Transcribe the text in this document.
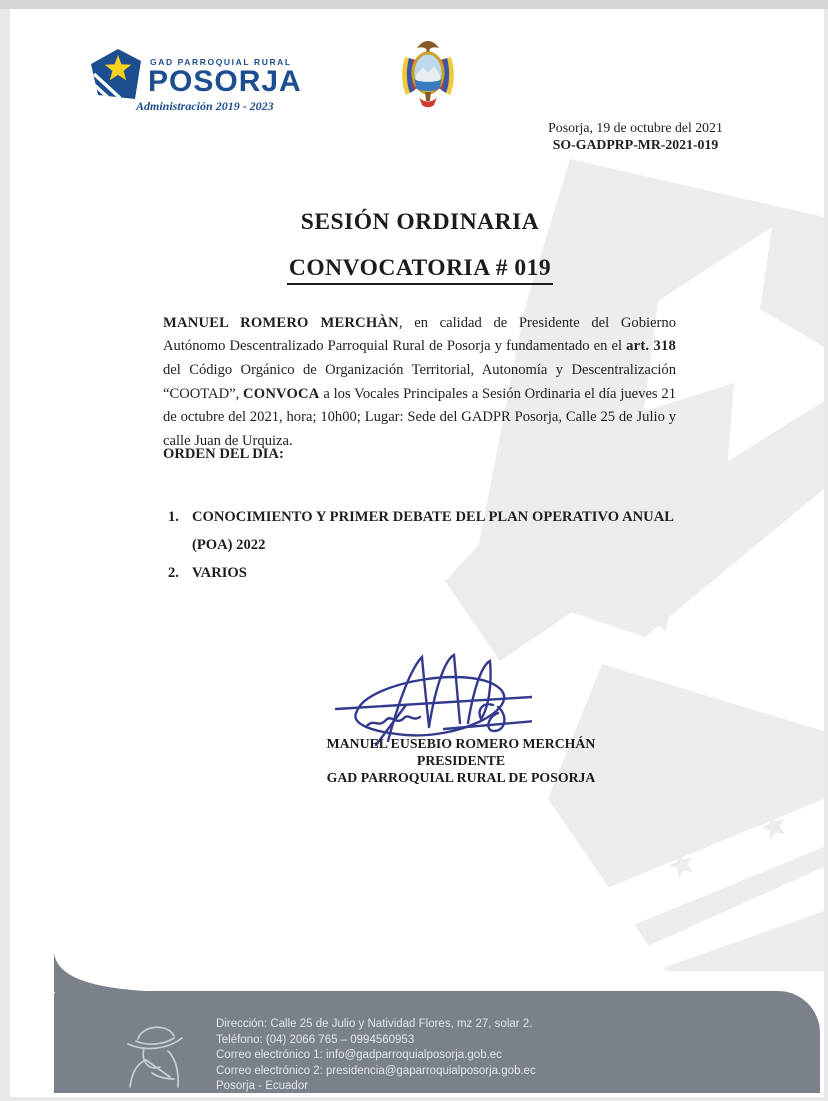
GAD PARROQUIAL RURAL
POSORJA
Administración 2019 - 2023
Posorja, 19 de octubre del 2021
SO-GADPRP-MR-2021-019
SESIÓN ORDINARIA

CONVOCATORIA # 019

MANUEL ROMERO MERCHÀN, en calidad de Presidente del Gobierno Autónomo Descentralizado Parroquial Rural de Posorja y fundamentado en el art. 318 del Código Orgánico de Organización Territorial, Autonomía y Descentralización “COOTAD”, CONVOCA a los Vocales Principales a Sesión Ordinaria el día jueves 21 de octubre del 2021, hora; 10h00; Lugar: Sede del GADPR Posorja, Calle 25 de Julio y calle Juan de Urquiza.

ORDEN DEL DIA:
1. CONOCIMIENTO Y PRIMER DEBATE DEL PLAN OPERATIVO ANUAL (POA) 2022
2. VARIOS
MANUEL EUSEBIO ROMERO MERCHÁN
PRESIDENTE
GAD PARROQUIAL RURAL DE POSORJA
Dirección: Calle 25 de Julio y Natividad Flores, mz 27, solar 2.
Teléfono: (04) 2066 765 – 0994560953
Correo electrónico 1: info@gadparroquialposorja.gob.ec
Correo electrónico 2: presidencia@gaparroquialposorja.gob.ec
Posorja - Ecuador
